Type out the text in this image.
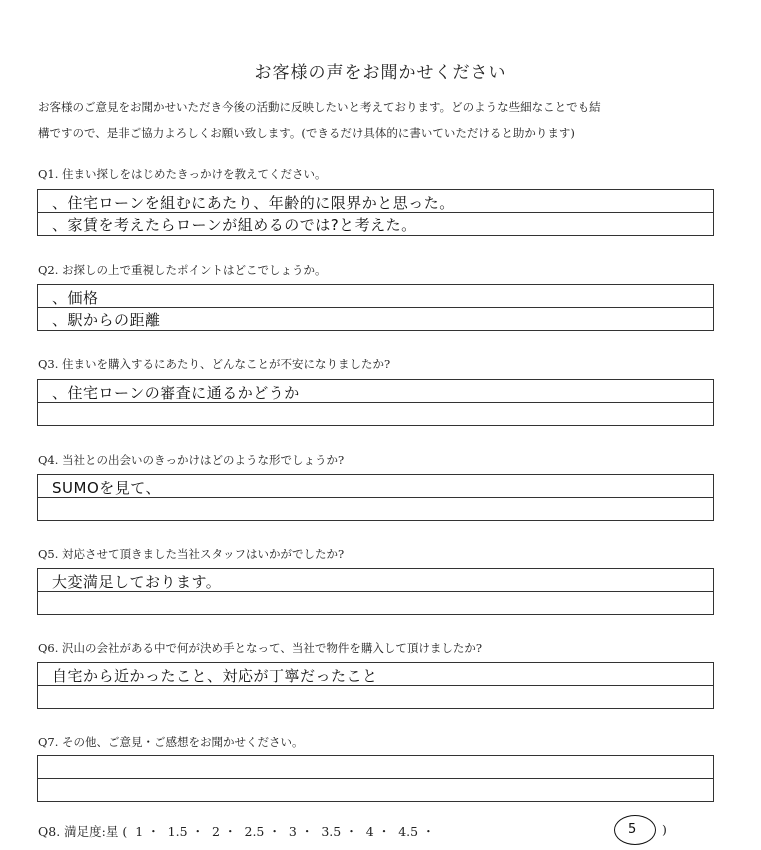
お客様の声をお聞かせください
お客様のご意見をお聞かせいただき今後の活動に反映したいと考えております。どのような些細なことでも結
構ですので、是非ご協力よろしくお願い致します。(できるだけ具体的に書いていただけると助かります)
Q1. 住まい探しをはじめたきっかけを教えてください。
、住宅ローンを組むにあたり、年齢的に限界かと思った。
、家賃を考えたらローンが組めるのでは?と考えた。
Q2. お探しの上で重視したポイントはどこでしょうか。
、価格
、駅からの距離
Q3. 住まいを購入するにあたり、どんなことが不安になりましたか?
、住宅ローンの審査に通るかどうか
Q4. 当社との出会いのきっかけはどのような形でしょうか?
SUMOを見て、
Q5. 対応させて頂きました当社スタッフはいかがでしたか?
大変満足しております。
Q6. 沢山の会社がある中で何が決め手となって、当社で物件を購入して頂けましたか?
自宅から近かったこと、対応が丁寧だったこと
Q7. その他、ご意見・ご感想をお聞かせください。
Q8. 満足度:星 ( 1 ・ 1.5 ・ 2 ・ 2.5 ・ 3 ・ 3.5 ・ 4 ・ 4.5 ・	5 )
